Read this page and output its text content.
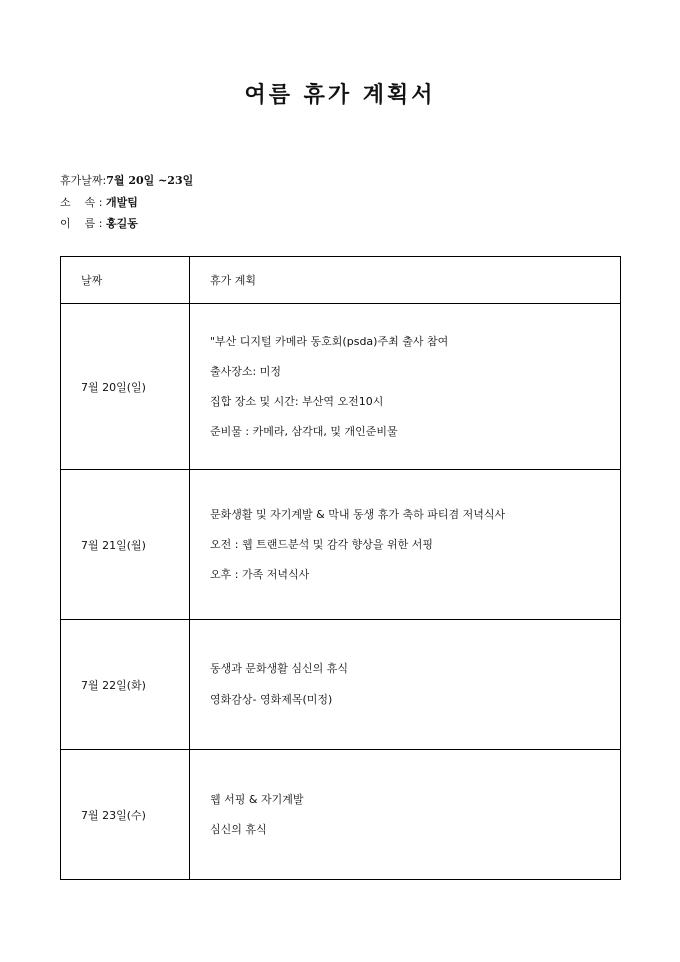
여름 휴가 계획서
휴가날짜:7월 20일 ~23일
소    속 : 개발팀
이    름 : 홍길동
날짜	휴가 계획
7월 20일(일)	"부산 디지털 카메라 동호회(psda)주최 출사 참여
출사장소: 미정
집합 장소 및 시간: 부산역 오전10시
준비물 : 카메라, 삼각대, 및 개인준비물

7월 21일(월)	문화생활 및 자기계발 & 막내 동생 휴가 축하 파티겸 저녁식사
오전 : 웹 트랜드분석 및 감각 향상을 위한 서핑
오후 : 가족 저녁식사

7월 22일(화)	동생과 문화생활 심신의 휴식
영화감상- 영화제목(미정)

7월 23일(수)	웹 서핑 & 자기계발
심신의 휴식
